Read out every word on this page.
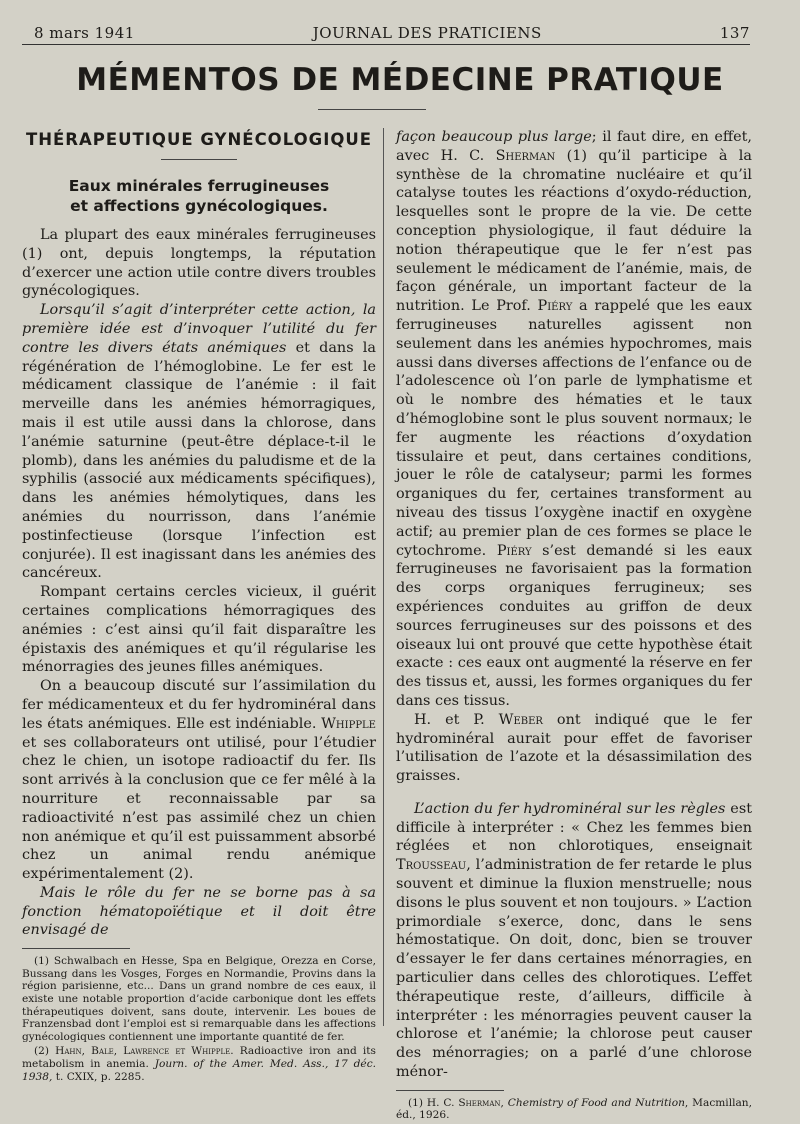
8 mars 1941	JOURNAL DES PRATICIENS	137
MÉMENTOS DE MÉDECINE PRATIQUE
THÉRAPEUTIQUE GYNÉCOLOGIQUE
Eaux minérales ferrugineuses
et affections gynécologiques.

La plupart des eaux minérales ferrugineuses (1) ont, depuis longtemps, la réputation d’exercer une action utile contre divers troubles gynécologiques.

Lorsqu’il s’agit d’interpréter cette action, la première idée est d’invoquer l’utilité du fer contre les divers états anémiques et dans la régénération de l’hémoglobine. Le fer est le médicament classique de l’anémie : il fait merveille dans les anémies hémorragiques, mais il est utile aussi dans la chlorose, dans l’anémie saturnine (peut-être déplace-t-il le plomb), dans les anémies du paludisme et de la syphilis (associé aux médicaments spécifiques), dans les anémies hémolytiques, dans les anémies du nourrisson, dans l’anémie postinfectieuse (lorsque l’infection est conjurée). Il est inagissant dans les anémies des cancéreux.

Rompant certains cercles vicieux, il guérit certaines complications hémorragiques des anémies : c’est ainsi qu’il fait disparaître les épistaxis des anémiques et qu’il régularise les ménorragies des jeunes filles anémiques.

On a beaucoup discuté sur l’assimilation du fer médicamenteux et du fer hydrominéral dans les états anémiques. Elle est indéniable. Whipple et ses collaborateurs ont utilisé, pour l’étudier chez le chien, un isotope radioactif du fer. Ils sont arrivés à la conclusion que ce fer mêlé à la nourriture et reconnaissable par sa radioactivité n’est pas assimilé chez un chien non anémique et qu’il est puissamment absorbé chez un animal rendu anémique expérimentalement (2).

Mais le rôle du fer ne se borne pas à sa fonction hématopoïétique et il doit être envisagé de

(1) Schwalbach en Hesse, Spa en Belgique, Orezza en Corse, Bussang dans les Vosges, Forges en Normandie, Provins dans la région parisienne, etc... Dans un grand nombre de ces eaux, il existe une notable proportion d’acide carbonique dont les effets thérapeutiques doivent, sans doute, intervenir. Les boues de Franzensbad dont l’emploi est si remarquable dans les affections gynécologiques contiennent une importante quantité de fer.

(2) Hahn, Bale, Lawrence et Whipple. Radioactive iron and its metabolism in anemia. Journ. of the Amer. Med. Ass., 17 déc. 1938, t. CXIX, p. 2285.

façon beaucoup plus large; il faut dire, en effet, avec H. C. Sherman (1) qu’il participe à la synthèse de la chromatine nucléaire et qu’il catalyse toutes les réactions d’oxydo-réduction, lesquelles sont le propre de la vie. De cette conception physiologique, il faut déduire la notion thérapeutique que le fer n’est pas seulement le médicament de l’anémie, mais, de façon générale, un important facteur de la nutrition. Le Prof. Piéry a rappelé que les eaux ferrugineuses naturelles agissent non seulement dans les anémies hypochromes, mais aussi dans diverses affections de l’enfance ou de l’adolescence où l’on parle de lymphatisme et où le nombre des hématies et le taux d’hémoglobine sont le plus souvent normaux; le fer augmente les réactions d’oxydation tissulaire et peut, dans certaines conditions, jouer le rôle de catalyseur; parmi les formes organiques du fer, certaines transforment au niveau des tissus l’oxygène inactif en oxygène actif; au premier plan de ces formes se place le cytochrome. Piéry s’est demandé si les eaux ferrugineuses ne favorisaient pas la formation des corps organiques ferrugineux; ses expériences conduites au griffon de deux sources ferrugineuses sur des poissons et des oiseaux lui ont prouvé que cette hypothèse était exacte : ces eaux ont augmenté la réserve en fer des tissus et, aussi, les formes organiques du fer dans ces tissus.

H. et P. Weber ont indiqué que le fer hydrominéral aurait pour effet de favoriser l’utilisation de l’azote et la désassimilation des graisses.

L’action du fer hydrominéral sur les règles est difficile à interpréter : « Chez les femmes bien réglées et non chlorotiques, enseignait Trousseau, l’administration de fer retarde le plus souvent et diminue la fluxion menstruelle; nous disons le plus souvent et non toujours. » L’action primordiale s’exerce, donc, dans le sens hémostatique. On doit, donc, bien se trouver d’essayer le fer dans certaines ménorragies, en particulier dans celles des chlorotiques. L’effet thérapeutique reste, d’ailleurs, difficile à interpréter : les ménorragies peuvent causer la chlorose et l’anémie; la chlorose peut causer des ménorragies; on a parlé d’une chlorose ménor-

(1) H. C. Sherman, Chemistry of Food and Nutrition, Macmillan, éd., 1926.
